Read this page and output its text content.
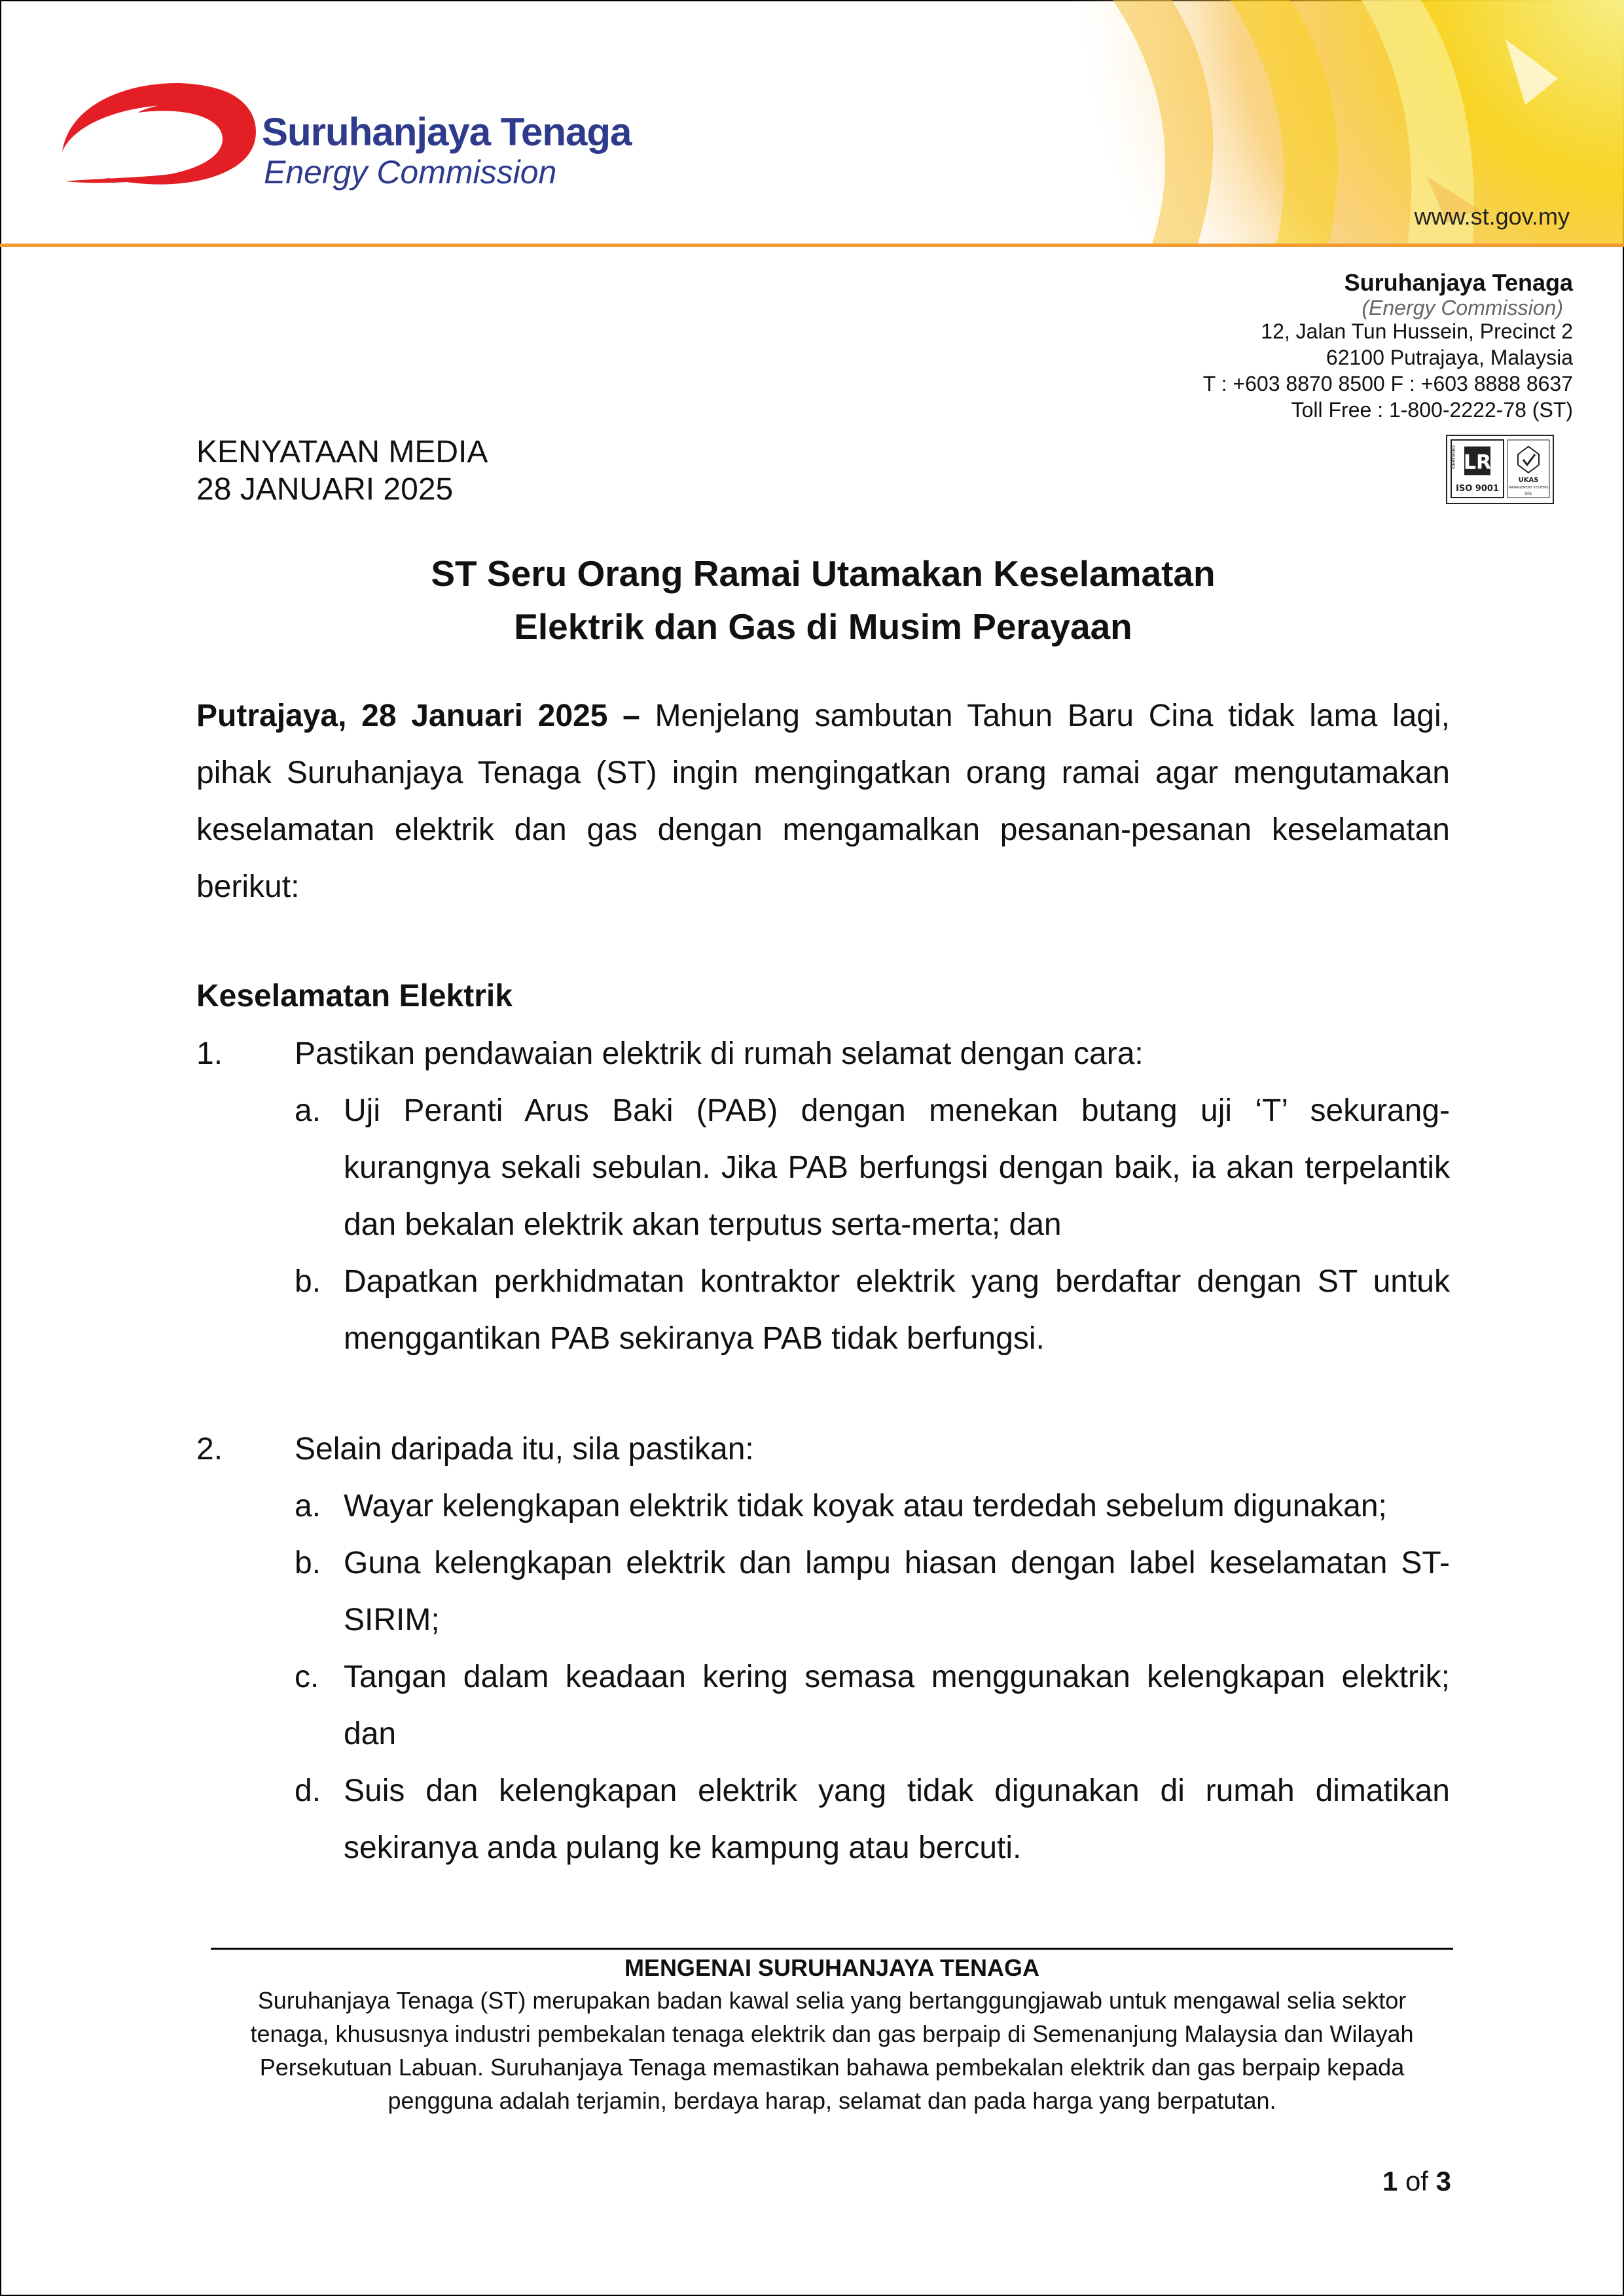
Suruhanjaya Tenaga
Energy Commission
www.st.gov.my
Suruhanjaya Tenaga
(Energy Commission)
12, Jalan Tun Hussein, Precinct 2
62100 Putrajaya, Malaysia
T : +603 8870 8500 F : +603 8888 8637
Toll Free : 1-800-2222-78 (ST)
LR
CERTIFIED
ISO 9001
UKAS
MANAGEMENT SYSTEMS
001
KENYATAAN MEDIA
28 JANUARI 2025
ST Seru Orang Ramai Utamakan Keselamatan
Elektrik dan Gas di Musim Perayaan
Putrajaya, 28 Januari 2025 – Menjelang sambutan Tahun Baru Cina tidak lama lagi, pihak Suruhanjaya Tenaga (ST) ingin mengingatkan orang ramai agar mengutamakan keselamatan elektrik dan gas dengan mengamalkan pesanan-pesanan keselamatan berikut:
Keselamatan Elektrik
1. Pastikan pendawaian elektrik di rumah selamat dengan cara:
a. Uji Peranti Arus Baki (PAB) dengan menekan butang uji ‘T’ sekurang-kurangnya sekali sebulan. Jika PAB berfungsi dengan baik, ia akan terpelantik dan bekalan elektrik akan terputus serta-merta; dan
b. Dapatkan perkhidmatan kontraktor elektrik yang berdaftar dengan ST untuk menggantikan PAB sekiranya PAB tidak berfungsi.
2. Selain daripada itu, sila pastikan:
a. Wayar kelengkapan elektrik tidak koyak atau terdedah sebelum digunakan;
b. Guna kelengkapan elektrik dan lampu hiasan dengan label keselamatan ST-SIRIM;
c. Tangan dalam keadaan kering semasa menggunakan kelengkapan elektrik; dan
d. Suis dan kelengkapan elektrik yang tidak digunakan di rumah dimatikan sekiranya anda pulang ke kampung atau bercuti.
MENGENAI SURUHANJAYA TENAGA
Suruhanjaya Tenaga (ST) merupakan badan kawal selia yang bertanggungjawab untuk mengawal selia sektor
tenaga, khususnya industri pembekalan tenaga elektrik dan gas berpaip di Semenanjung Malaysia dan Wilayah
Persekutuan Labuan. Suruhanjaya Tenaga memastikan bahawa pembekalan elektrik dan gas berpaip kepada
pengguna adalah terjamin, berdaya harap, selamat dan pada harga yang berpatutan.
1 of 3
